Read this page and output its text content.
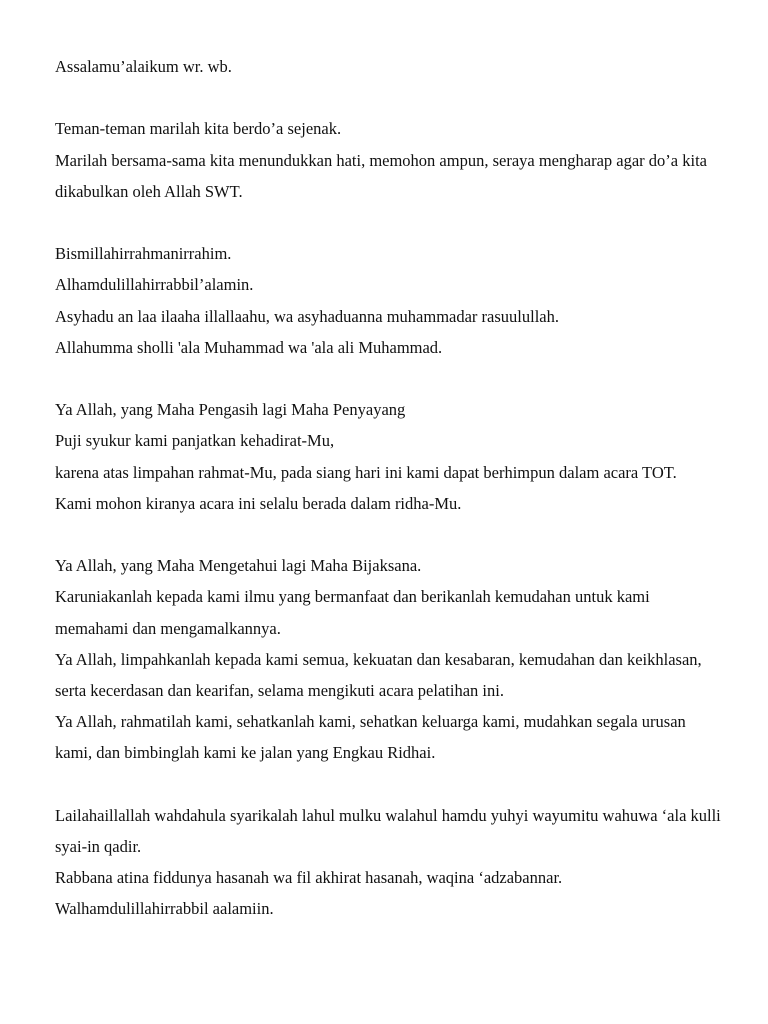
Assalamu’alaikum wr. wb.

Teman-teman marilah kita berdo’a sejenak.
Marilah bersama-sama kita menundukkan hati, memohon ampun, seraya mengharap agar do’a kita dikabulkan oleh Allah SWT.

Bismillahirrahmanirrahim.
Alhamdulillahirrabbil’alamin.
Asyhadu an laa ilaaha illallaahu, wa asyhaduanna muhammadar rasuulullah.
Allahumma sholli 'ala Muhammad wa 'ala ali Muhammad.

Ya Allah, yang Maha Pengasih lagi Maha Penyayang
Puji syukur kami panjatkan kehadirat-Mu,
karena atas limpahan rahmat-Mu, pada siang hari ini kami dapat berhimpun dalam acara TOT.
Kami mohon kiranya acara ini selalu berada dalam ridha-Mu.

Ya Allah, yang Maha Mengetahui lagi Maha Bijaksana.
Karuniakanlah kepada kami ilmu yang bermanfaat dan berikanlah kemudahan untuk kami memahami dan mengamalkannya.
Ya Allah, limpahkanlah kepada kami semua, kekuatan dan kesabaran, kemudahan dan keikhlasan, serta kecerdasan dan kearifan, selama mengikuti acara pelatihan ini.
Ya Allah, rahmatilah kami, sehatkanlah kami, sehatkan keluarga kami, mudahkan segala urusan kami, dan bimbinglah kami ke jalan yang Engkau Ridhai.

Lailahaillallah wahdahula syarikalah lahul mulku walahul hamdu yuhyi wayumitu wahuwa ‘ala kulli syai-in qadir.
Rabbana atina fiddunya hasanah wa fil akhirat hasanah, waqina ‘adzabannar.
Walhamdulillahirrabbil aalamiin.
